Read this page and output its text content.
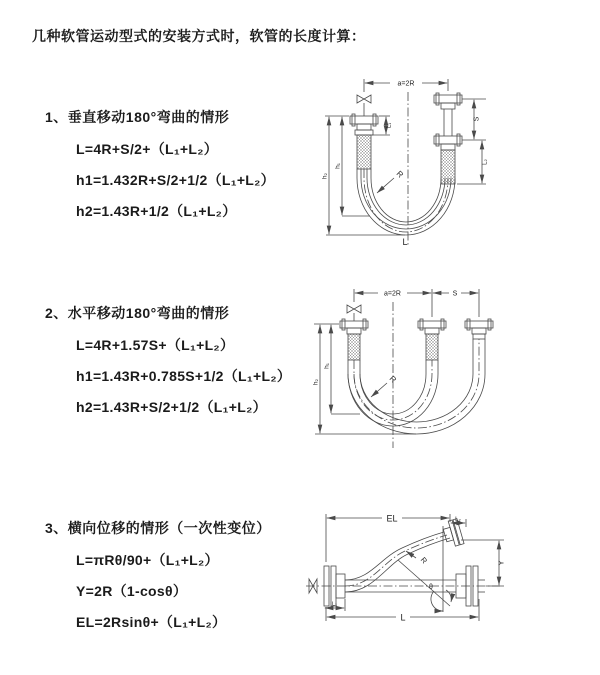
几种软管运动型式的安装方式时，软管的长度计算：
1、垂直移动180°弯曲的情形
L=4R+S/2+（L₁+L₂）
h1=1.432R+S/2+1/2（L₁+L₂）
h2=1.43R+1/2（L₁+L₂）
2、水平移动180°弯曲的情形
L=4R+1.57S+（L₁+L₂）
h1=1.43R+0.785S+1/2（L₁+L₂）
h2=1.43R+S/2+1/2（L₁+L₂）
3、横向位移的情形（一次性变位）
L=πRθ/90+（L₁+L₂）
Y=2R（1-cosθ）
EL=2Rsinθ+（L₁+L₂）
a=2R
S
L₂
L₁
h₁
h₂	R
L
a=2R	S
h₁
h₂	R
EL	L₂
Y
R
θ
L
L₁
